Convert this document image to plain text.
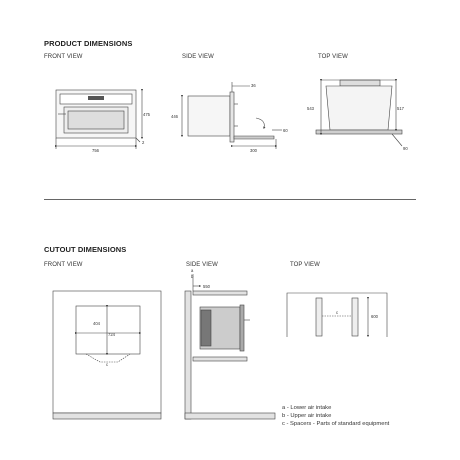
PRODUCT DIMENSIONS
FRONT VIEW	SIDE VIEW	TOP VIEW
CUTOUT DIMENSIONS
FRONT VIEW	SIDE VIEW	TOP VIEW
475
756
2
36
446
300
60
543	517
90
404
724
c
a
b
550
c
600
a - Lower air intake
b - Upper air intake
c - Spacers - Parts of standard equipment
